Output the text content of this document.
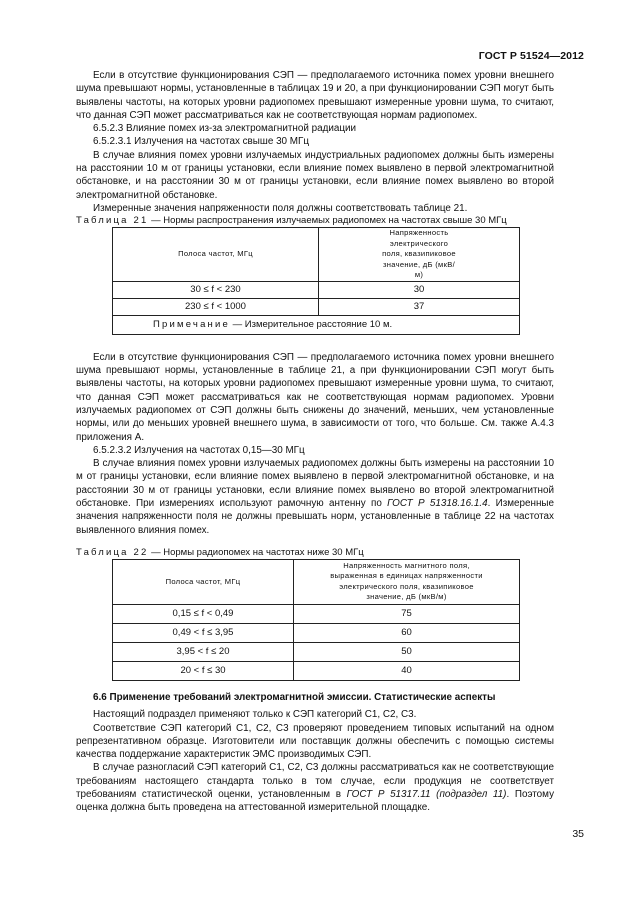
ГОСТ Р 51524—2012

Если в отсутствие функционирования СЭП — предполагаемого источника помех уровни внешнего шума превышают нормы, установленные в таблицах 19 и 20, а при функционировании СЭП могут быть выявлены частоты, на которых уровни радиопомех превышают измеренные уровни шума, то считают, что данная СЭП может рассматриваться как не соответствующая нормам радиопомех.

6.5.2.3 Влияние помех из-за электромагнитной радиации

6.5.2.3.1 Излучения на частотах свыше 30 МГц

В случае влияния помех уровни излучаемых индустриальных радиопомех должны быть измерены на расстоянии 10 м от границы установки, если влияние помех выявлено в первой электромагнитной обстановке, и на расстоянии 30 м от границы установки, если влияние помех выявлено во второй электромагнитной обстановке.

Измеренные значения напряженности поля должны соответствовать таблице 21.

Таблица 21 — Нормы распространения излучаемых радиопомех на частотах свыше 30 МГц

Полоса частот, МГц	Напряженность электрического поля, квазипиковое значение, дБ (мкВ/м)
30 ≤ f < 230	30
230 ≤ f < 1000	37
Примечание — Измерительное расстояние 10 м.	

Если в отсутствие функционирования СЭП — предполагаемого источника помех уровни внешнего шума превышают нормы, установленные в таблице 21, а при функционировании СЭП могут быть выявлены частоты, на которых уровни радиопомех превышают измеренные уровни шума, то считают, что данная СЭП может рассматриваться как не соответствующая нормам радиопомех. Уровни излучаемых радиопомех от СЭП должны быть снижены до значений, меньших, чем установленные нормы, или до меньших уровней внешнего шума, в зависимости от того, что больше. См. также А.4.3 приложения А.

6.5.2.3.2 Излучения на частотах 0,15—30 МГц

В случае влияния помех уровни излучаемых радиопомех должны быть измерены на расстоянии 10 м от границы установки, если влияние помех выявлено в первой электромагнитной обстановке, и на расстоянии 30 м от границы установки, если влияние помех выявлено во второй электромагнитной обстановке. При измерениях используют рамочную антенну по ГОСТ Р 51318.16.1.4. Измеренные значения напряженности поля не должны превышать норм, установленные в таблице 22 на частотах выявленного влияния помех.

Таблица 22 — Нормы радиопомех на частотах ниже 30 МГц

Полоса частот, МГц	Напряженность магнитного поля, выраженная в единицах напряженности электрического поля, квазипиковое значение, дБ (мкВ/м)
0,15 ≤ f < 0,49	75
0,49 < f ≤ 3,95	60
3,95 < f ≤ 20	50
20 < f ≤ 30	40

6.6 Применение требований электромагнитной эмиссии. Статистические аспекты

Настоящий подраздел применяют только к СЭП категорий С1, С2, С3.

Соответствие СЭП категорий С1, С2, С3 проверяют проведением типовых испытаний на одном репрезентативном образце. Изготовители или поставщик должны обеспечить с помощью системы качества поддержание характеристик ЭМС производимых СЭП.

В случае разногласий СЭП категорий С1, С2, С3 должны рассматриваться как не соответствующие требованиям настоящего стандарта только в том случае, если продукция не соответствует требованиям статистической оценки, установленным в ГОСТ Р 51317.11 (подраздел 11). Поэтому оценка должна быть проведена на аттестованной измерительной площадке.

35
